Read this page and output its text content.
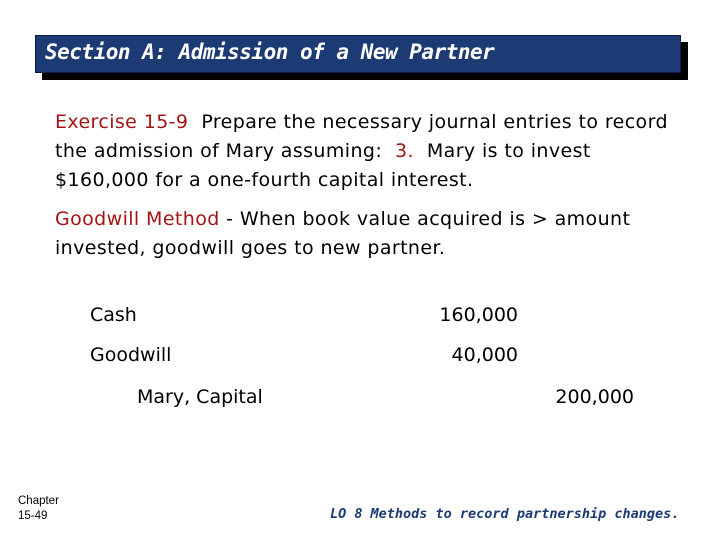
Section A: Admission of a New Partner
Exercise 15-9 Prepare the necessary journal entries to record the admission of Mary assuming: 3. Mary is to invest $160,000 for a one-fourth capital interest.
Goodwill Method - When book value acquired is > amount invested, goodwill goes to new partner.
Cash	160,000
Goodwill	40,000
Mary, Capital	200,000
Chapter
15-49	LO 8 Methods to record partnership changes.
